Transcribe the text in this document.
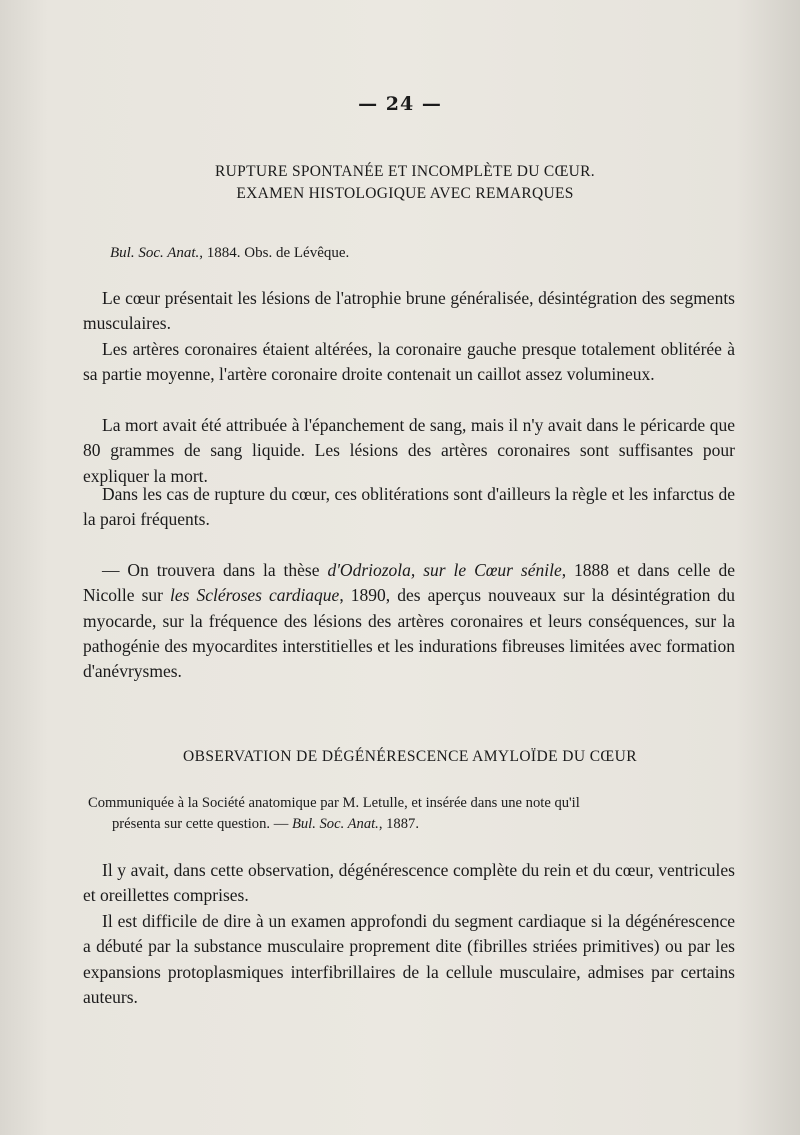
— 24 —
RUPTURE SPONTANÉE ET INCOMPLÈTE DU CŒUR.
EXAMEN HISTOLOGIQUE AVEC REMARQUES
Bul. Soc. Anat., 1884. Obs. de Lévêque.
Le cœur présentait les lésions de l'atrophie brune généralisée, désintégration des segments musculaires.
Les artères coronaires étaient altérées, la coronaire gauche presque totalement oblitérée à sa partie moyenne, l'artère coronaire droite contenait un caillot assez volumineux.
La mort avait été attribuée à l'épanchement de sang, mais il n'y avait dans le péricarde que 80 grammes de sang liquide. Les lésions des artères coronaires sont suffisantes pour expliquer la mort.
Dans les cas de rupture du cœur, ces oblitérations sont d'ailleurs la règle et les infarctus de la paroi fréquents.
— On trouvera dans la thèse d'Odriozola, sur le Cœur sénile, 1888 et dans celle de Nicolle sur les Scléroses cardiaque, 1890, des aperçus nouveaux sur la désintégration du myocarde, sur la fréquence des lésions des artères coronaires et leurs conséquences, sur la pathogénie des myocardites interstitielles et les indurations fibreuses limitées avec formation d'anévrysmes.
OBSERVATION DE DÉGÉNÉRESCENCE AMYLOÏDE DU CŒUR
Communiquée à la Société anatomique par M. Letulle, et insérée dans une note qu'il
présenta sur cette question. — Bul. Soc. Anat., 1887.
Il y avait, dans cette observation, dégénérescence complète du rein et du cœur, ventricules et oreillettes comprises.
Il est difficile de dire à un examen approfondi du segment cardiaque si la dégénérescence a débuté par la substance musculaire proprement dite (fibrilles striées primitives) ou par les expansions protoplasmiques interfibrillaires de la cellule musculaire, admises par certains auteurs.
